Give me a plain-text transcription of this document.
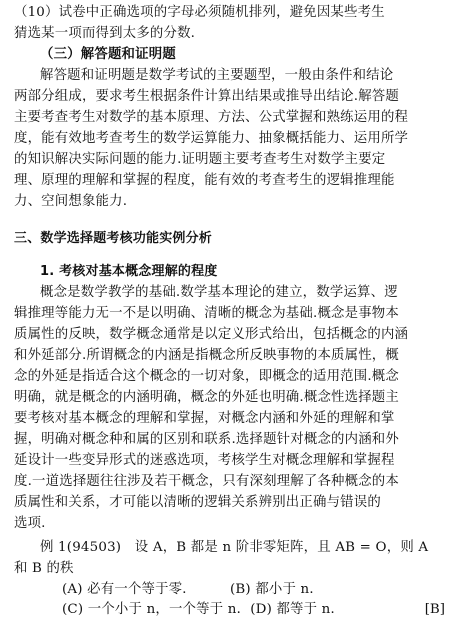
（10）试卷中正确选项的字母必须随机排列，避免因某些考生
猜选某一项而得到太多的分数.
（三）解答题和证明题
解答题和证明题是数学考试的主要题型，一般由条件和结论
两部分组成，要求考生根据条件计算出结果或推导出结论.解答题
主要考查考生对数学的基本原理、方法、公式掌握和熟练运用的程
度，能有效地考查考生的数学运算能力、抽象概括能力、运用所学
的知识解决实际问题的能力.证明题主要考查考生对数学主要定
理、原理的理解和掌握的程度，能有效的考查考生的逻辑推理能
力、空间想象能力.
三、数学选择题考核功能实例分析
1. 考核对基本概念理解的程度
概念是数学教学的基础.数学基本理论的建立，数学运算、逻
辑推理等能力无一不是以明确、清晰的概念为基础.概念是事物本
质属性的反映，数学概念通常是以定义形式给出，包括概念的内涵
和外延部分.所谓概念的内涵是指概念所反映事物的本质属性，概
念的外延是指适合这个概念的一切对象，即概念的适用范围.概念
明确，就是概念的内涵明确，概念的外延也明确.概念性选择题主
要考核对基本概念的理解和掌握，对概念内涵和外延的理解和掌
握，明确对概念种和属的区别和联系.选择题针对概念的内涵和外
延设计一些变异形式的迷惑选项，考核学生对概念理解和掌握程
度.一道选择题往往涉及若干概念，只有深刻理解了各种概念的本
质属性和关系，才可能以清晰的逻辑关系辨别出正确与错误的
选项.
例 1(94503)　设 A，B 都是 n 阶非零矩阵，且 AB = O，则 A
和 B 的秩
(A) 必有一个等于零．　　　(B) 都小于 n．
(C) 一个小于 n，一个等于 n．(D) 都等于 n．	[B]
